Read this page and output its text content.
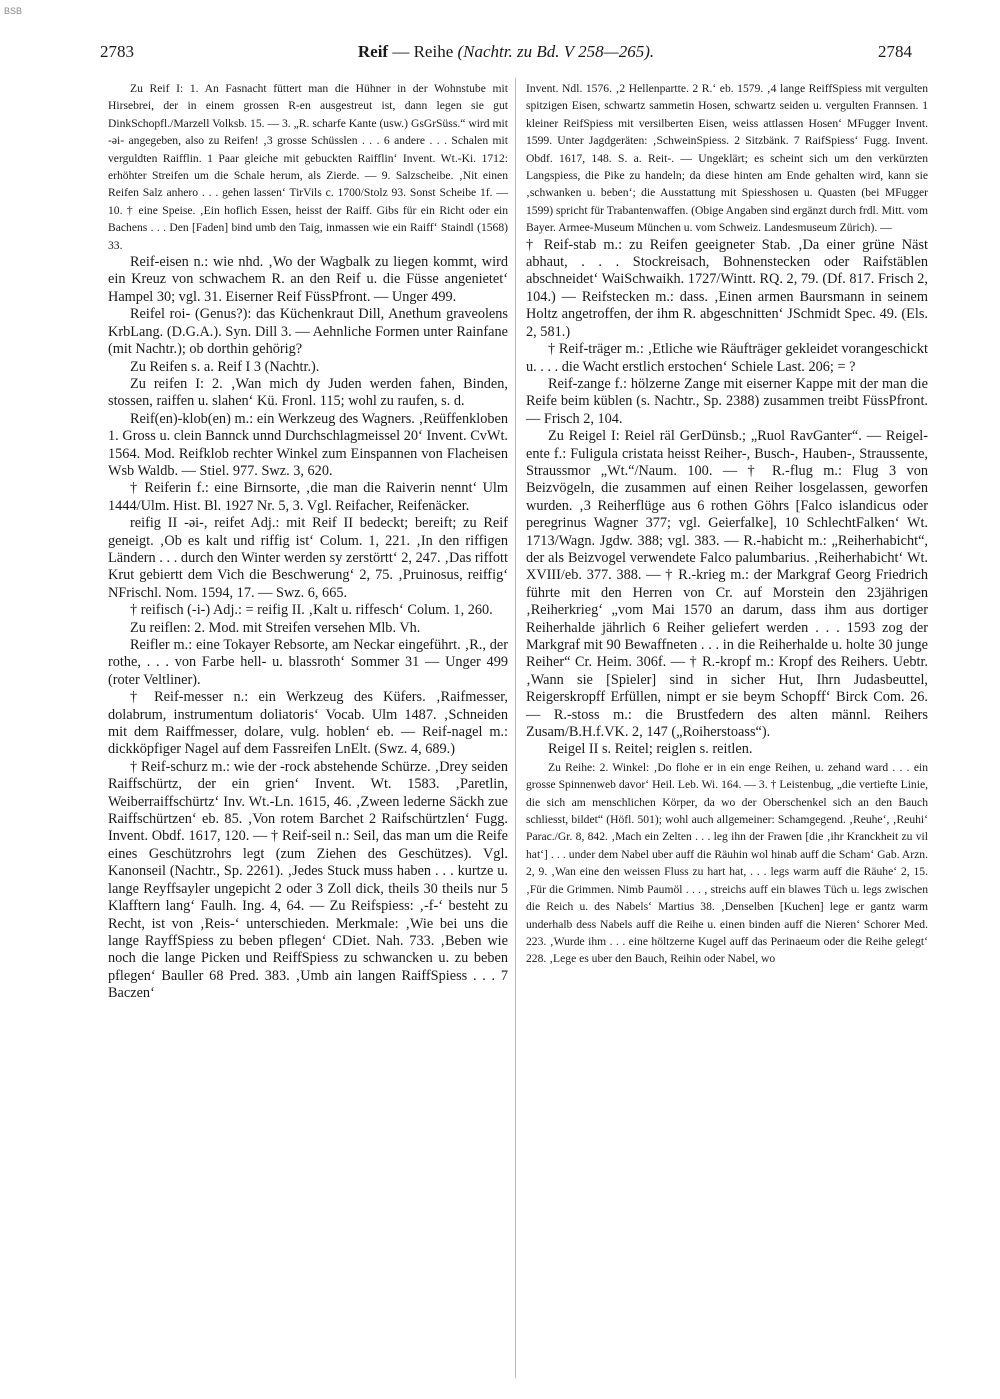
BSB
2783	Reif — Reihe (Nachtr. zu Bd. V 258—265).	2784

Zu Reif I: 1. An Fasnacht füttert man die Hühner in der Wohnstube mit Hirsebrei, der in einem grossen R-en ausgestreut ist, dann legen sie gut DinkSchopfl./Marzell Volksb. 15. — 3. „R. scharfe Kante (usw.) GsGrSüss.“ wird mit -ǝi- angegeben, also zu Reifen! ‚3 grosse Schüsslen . . . 6 andere . . . Schalen mit verguldten Raifflin. 1 Paar gleiche mit gebuckten Raifflin‘ Invent. Wt.-Ki. 1712: erhöhter Streifen um die Schale herum, als Zierde. — 9. Salzscheibe. ‚Nit einen Reifen Salz anhero . . . gehen lassen‘ TirVils c. 1700/Stolz 93. Sonst Scheibe 1f. — 10. † eine Speise. ‚Ein hoflich Essen, heisst der Raiff. Gibs für ein Richt oder ein Bachens . . . Den [Faden] bind umb den Taig, inmassen wie ein Raiff‘ Staindl (1568) 33.

Reif-eisen n.: wie nhd. ‚Wo der Wagbalk zu liegen kommt, wird ein Kreuz von schwachem R. an den Reif u. die Füsse angenietet‘ Hampel 30; vgl. 31. Eiserner Reif FüssPfront. — Unger 499.

Reifel roi- (Genus?): das Küchenkraut Dill, Anethum graveolens KrbLang. (D.G.A.). Syn. Dill 3. — Aehnliche Formen unter Rainfane (mit Nachtr.); ob dorthin gehörig?

Zu Reifen s. a. Reif I 3 (Nachtr.).

Zu reifen I: 2. ‚Wan mich dy Juden werden fahen, Binden, stossen, raiffen u. slahen‘ Kü. Fronl. 115; wohl zu raufen, s. d.

Reif(en)-klob(en) m.: ein Werkzeug des Wagners. ‚Reüffenkloben 1. Gross u. clein Bannck unnd Durchschlagmeissel 20‘ Invent. CvWt. 1564. Mod. Reifklob rechter Winkel zum Einspannen von Flacheisen Wsb Waldb. — Stiel. 977. Swz. 3, 620.

† Reiferin f.: eine Birnsorte, ‚die man die Raiverin nennt‘ Ulm 1444/Ulm. Hist. Bl. 1927 Nr. 5, 3. Vgl. Reifacher, Reifenäcker.

reifig II -ǝi-, reifet Adj.: mit Reif II bedeckt; bereift; zu Reif geneigt. ‚Ob es kalt und riffig ist‘ Colum. 1, 221. ‚In den riffigen Ländern . . . durch den Winter werden sy zerstörtt‘ 2, 247. ‚Das riffott Krut gebiertt dem Vich die Beschwerung‘ 2, 75. ‚Pruinosus, reiffig‘ NFrischl. Nom. 1594, 17. — Swz. 6, 665.

† reifisch (-i-) Adj.: = reifig II. ‚Kalt u. riffesch‘ Colum. 1, 260.

Zu reiflen: 2. Mod. mit Streifen versehen Mlb. Vh.

Reifler m.: eine Tokayer Rebsorte, am Neckar eingeführt. ‚R., der rothe, . . . von Farbe hell- u. blassroth‘ Sommer 31 — Unger 499 (roter Veltliner).

† Reif-messer n.: ein Werkzeug des Küfers. ‚Raifmesser, dolabrum, instrumentum doliatoris‘ Vocab. Ulm 1487. ‚Schneiden mit dem Raiffmesser, dolare, vulg. hoblen‘ eb. — Reif-nagel m.: dickköpfiger Nagel auf dem Fassreifen LnElt. (Swz. 4, 689.)

† Reif-schurz m.: wie der -rock abstehende Schürze. ‚Drey seiden Raiffschürtz, der ein grien‘ Invent. Wt. 1583. ‚Paretlin, Weiberraiffschürtz‘ Inv. Wt.-Ln. 1615, 46. ‚Zween lederne Säckh zue Raiffschürtzen‘ eb. 85. ‚Von rotem Barchet 2 Raifschürtzlen‘ Fugg. Invent. Obdf. 1617, 120. — † Reif-seil n.: Seil, das man um die Reife eines Geschützrohrs legt (zum Ziehen des Geschützes). Vgl. Kanonseil (Nachtr., Sp. 2261). ‚Jedes Stuck muss haben . . . kurtze u. lange Reyffsayler ungepicht 2 oder 3 Zoll dick, theils 30 theils nur 5 Klafftern lang‘ Faulh. Ing. 4, 64. — Zu Reifspiess: ‚-f-‘ besteht zu Recht, ist von ‚Reis-‘ unterschieden. Merkmale: ‚Wie bei uns die lange RayffSpiess zu beben pflegen‘ CDiet. Nah. 733. ‚Beben wie noch die lange Picken und ReiffSpiess zu schwancken u. zu beben pflegen‘ Bauller 68 Pred. 383. ‚Umb ain langen RaiffSpiess . . . 7 Baczen‘

Invent. Ndl. 1576. ‚2 Hellenpartte. 2 R.‘ eb. 1579. ‚4 lange ReiffSpiess mit vergulten spitzigen Eisen, schwartz sammetin Hosen, schwartz seiden u. vergulten Frannsen. 1 kleiner ReifSpiess mit versilberten Eisen, weiss attlassen Hosen‘ MFugger Invent. 1599. Unter Jagdgeräten: ‚SchweinSpiess. 2 Sitzbänk. 7 RaifSpiess‘ Fugg. Invent. Obdf. 1617, 148. S. a. Reit-. — Ungeklärt; es scheint sich um den verkürzten Langspiess, die Pike zu handeln; da diese hinten am Ende gehalten wird, kann sie ‚schwanken u. beben‘; die Ausstattung mit Spiesshosen u. Quasten (bei MFugger 1599) spricht für Trabantenwaffen. (Obige Angaben sind ergänzt durch frdl. Mitt. vom Bayer. Armee-Museum München u. vom Schweiz. Landesmuseum Zürich). —

† Reif-stab m.: zu Reifen geeigneter Stab. ‚Da einer grüne Näst abhaut, . . . Stockreisach, Bohnenstecken oder Raifstäblen abschneidet‘ WaiSchwaikh. 1727/Wintt. RQ. 2, 79. (Df. 817. Frisch 2, 104.) — Reifstecken m.: dass. ‚Einen armen Baursmann in seinem Holtz angetroffen, der ihm R. abgeschnitten‘ JSchmidt Spec. 49. (Els. 2, 581.)

† Reif-träger m.: ‚Etliche wie Räufträger gekleidet vorangeschickt u. . . . die Wacht erstlich erstochen‘ Schiele Last. 206; = ?

Reif-zange f.: hölzerne Zange mit eiserner Kappe mit der man die Reife beim küblen (s. Nachtr., Sp. 2388) zusammen treibt FüssPfront. — Frisch 2, 104.

Zu Reigel I: Reiel räl GerDünsb.; „Ruol RavGanter“. — Reigel-ente f.: Fuligula cristata heisst Reiher-, Busch-, Hauben-, Straussente, Straussmor „Wt.“/Naum. 100. — † R.-flug m.: Flug 3 von Beizvögeln, die zusammen auf einen Reiher losgelassen, geworfen wurden. ‚3 Reiherflüge aus 6 rothen Göhrs [Falco islandicus oder peregrinus Wagner 377; vgl. Geierfalke], 10 SchlechtFalken‘ Wt. 1713/Wagn. Jgdw. 388; vgl. 383. — R.-habicht m.: „Reiherhabicht“, der als Beizvogel verwendete Falco palumbarius. ‚Reiherhabicht‘ Wt. XVIII/eb. 377. 388. — † R.-krieg m.: der Markgraf Georg Friedrich führte mit den Herren von Cr. auf Morstein den 23jährigen ‚Reiherkrieg‘ „vom Mai 1570 an darum, dass ihm aus dortiger Reiherhalde jährlich 6 Reiher geliefert werden . . . 1593 zog der Markgraf mit 90 Bewaffneten . . . in die Reiherhalde u. holte 30 junge Reiher“ Cr. Heim. 306f. — † R.-kropf m.: Kropf des Reihers. Uebtr. ‚Wann sie [Spieler] sind in sicher Hut, Ihrn Judasbeuttel, Reigerskropff Erfüllen, nimpt er sie beym Schopff‘ Birck Com. 26. — R.-stoss m.: die Brustfedern des alten männl. Reihers Zusam/B.H.f.VK. 2, 147 („Roiherstoass“).

Reigel II s. Reitel; reiglen s. reitlen.

Zu Reihe: 2. Winkel: ‚Do flohe er in ein enge Reihen, u. zehand ward . . . ein grosse Spinnenweb davor‘ Heil. Leb. Wi. 164. — 3. † Leistenbug, „die vertiefte Linie, die sich am menschlichen Körper, da wo der Oberschenkel sich an den Bauch schliesst, bildet“ (Höfl. 501); wohl auch allgemeiner: Schamgegend. ‚Reuhe‘, ‚Reuhi‘ Parac./Gr. 8, 842. ‚Mach ein Zelten . . . leg ihn der Frawen [die ‚ihr Kranckheit zu vil hat‘] . . . under dem Nabel uber auff die Räuhin wol hinab auff die Scham‘ Gab. Arzn. 2, 9. ‚Wan eine den weissen Fluss zu hart hat, . . . legs warm auff die Räuhe‘ 2, 15. ‚Für die Grimmen. Nimb Paumöl . . . , streichs auff ein blawes Tüch u. legs zwischen die Reich u. des Nabels‘ Martius 38. ‚Denselben [Kuchen] lege er gantz warm underhalb dess Nabels auff die Reihe u. einen binden auff die Nieren‘ Schorer Med. 223. ‚Wurde ihm . . . eine höltzerne Kugel auff das Perinaeum oder die Reihe gelegt‘ 228. ‚Lege es uber den Bauch, Reihin oder Nabel, wo
